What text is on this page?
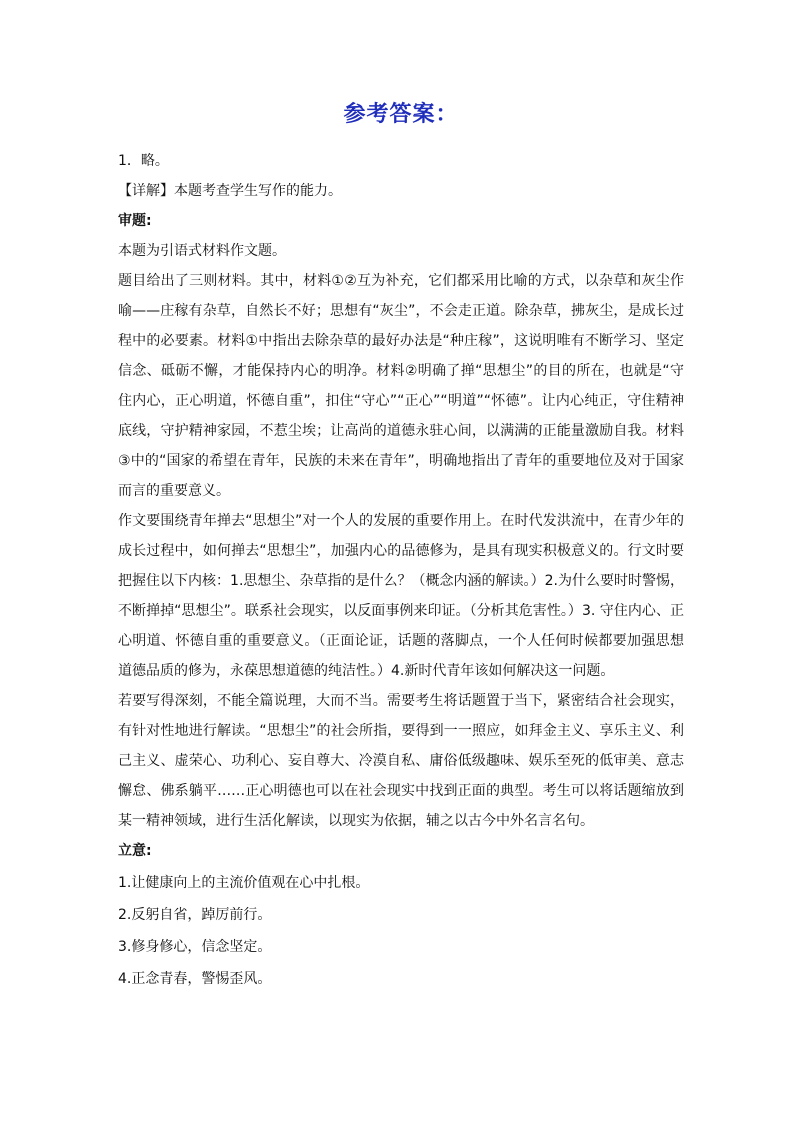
参考答案：

1．略。

【详解】本题考查学生写作的能力。

审题:

本题为引语式材料作文题。

题目给出了三则材料。其中，材料①②互为补充，它们都采用比喻的方式，以杂草和灰尘作喻——庄稼有杂草，自然长不好；思想有“灰尘”，不会走正道。除杂草，拂灰尘，是成长过程中的必要素。材料①中指出去除杂草的最好办法是“种庄稼”，这说明唯有不断学习、坚定信念、砥砺不懈，才能保持内心的明净。材料②明确了掸“思想尘”的目的所在，也就是“守住内心，正心明道，怀德自重”，扣住“守心”“正心”“明道”“怀德”。让内心纯正，守住精神底线，守护精神家园，不惹尘埃；让高尚的道德永驻心间，以满满的正能量激励自我。材料③中的“国家的希望在青年，民族的未来在青年”，明确地指出了青年的重要地位及对于国家而言的重要意义。

作文要围绕青年掸去“思想尘”对一个人的发展的重要作用上。在时代发洪流中，在青少年的成长过程中，如何掸去“思想尘”，加强内心的品德修为，是具有现实积极意义的。行文时要把握住以下内核：1.思想尘、杂草指的是什么？（概念内涵的解读。）2.为什么要时时警惕，不断掸掉“思想尘”。联系社会现实，以反面事例来印证。（分析其危害性。）3. 守住内心、正心明道、怀德自重的重要意义。（正面论证，话题的落脚点，一个人任何时候都要加强思想道德品质的修为，永葆思想道德的纯洁性。）4.新时代青年该如何解决这一问题。

若要写得深刻，不能全篇说理，大而不当。需要考生将话题置于当下，紧密结合社会现实，有针对性地进行解读。“思想尘”的社会所指，要得到一一照应，如拜金主义、享乐主义、利己主义、虚荣心、功利心、妄自尊大、冷漠自私、庸俗低级趣味、娱乐至死的低审美、意志懈怠、佛系躺平……正心明德也可以在社会现实中找到正面的典型。考生可以将话题缩放到某一精神领域，进行生活化解读，以现实为依据，辅之以古今中外名言名句。

立意:

1.让健康向上的主流价值观在心中扎根。

2.反躬自省，踔厉前行。

3.修身修心，信念坚定。

4.正念青春，警惕歪风。
